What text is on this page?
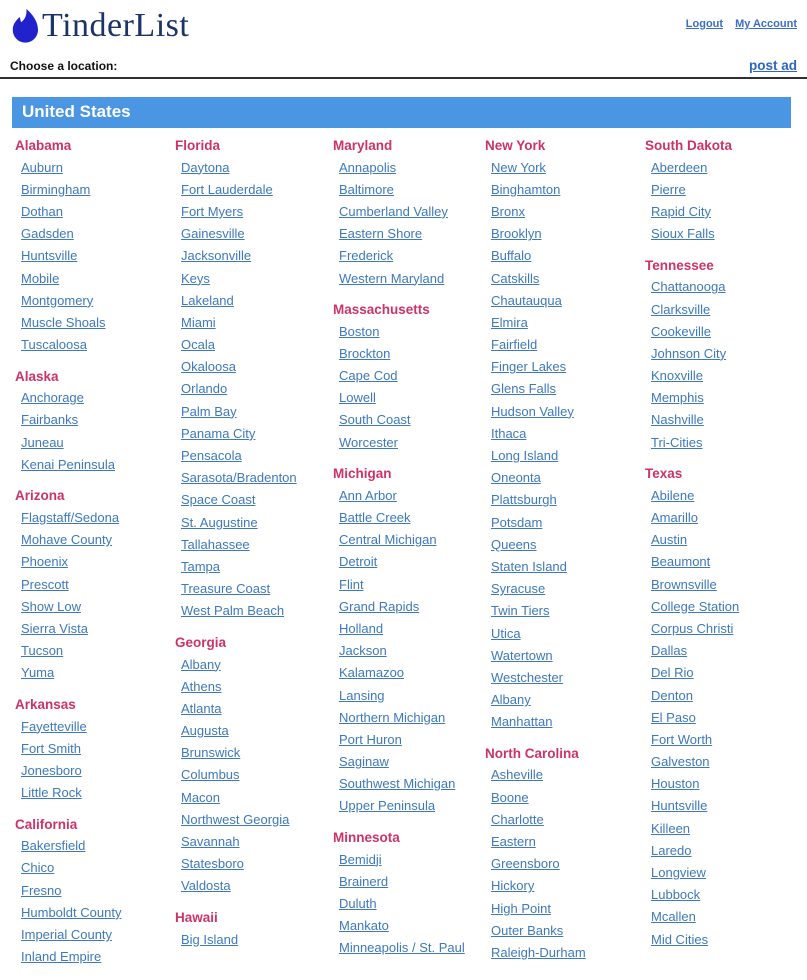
TinderList	Logout My Account
Choose a location:	post ad
United States
Alabama
Auburn
Birmingham
Dothan
Gadsden
Huntsville
Mobile
Montgomery
Muscle Shoals
Tuscaloosa
Alaska
Anchorage
Fairbanks
Juneau
Kenai Peninsula
Arizona
Flagstaff/Sedona
Mohave County
Phoenix
Prescott
Show Low
Sierra Vista
Tucson
Yuma
Arkansas
Fayetteville
Fort Smith
Jonesboro
Little Rock
California
Bakersfield
Chico
Fresno
Humboldt County
Imperial County
Inland Empire
Florida
Daytona
Fort Lauderdale
Fort Myers
Gainesville
Jacksonville
Keys
Lakeland
Miami
Ocala
Okaloosa
Orlando
Palm Bay
Panama City
Pensacola
Sarasota/Bradenton
Space Coast
St. Augustine
Tallahassee
Tampa
Treasure Coast
West Palm Beach
Georgia
Albany
Athens
Atlanta
Augusta
Brunswick
Columbus
Macon
Northwest Georgia
Savannah
Statesboro
Valdosta
Hawaii
Big Island
Maryland
Annapolis
Baltimore
Cumberland Valley
Eastern Shore
Frederick
Western Maryland
Massachusetts
Boston
Brockton
Cape Cod
Lowell
South Coast
Worcester
Michigan
Ann Arbor
Battle Creek
Central Michigan
Detroit
Flint
Grand Rapids
Holland
Jackson
Kalamazoo
Lansing
Northern Michigan
Port Huron
Saginaw
Southwest Michigan
Upper Peninsula
Minnesota
Bemidji
Brainerd
Duluth
Mankato
Minneapolis / St. Paul
New York
New York
Binghamton
Bronx
Brooklyn
Buffalo
Catskills
Chautauqua
Elmira
Fairfield
Finger Lakes
Glens Falls
Hudson Valley
Ithaca
Long Island
Oneonta
Plattsburgh
Potsdam
Queens
Staten Island
Syracuse
Twin Tiers
Utica
Watertown
Westchester
Albany
Manhattan
North Carolina
Asheville
Boone
Charlotte
Eastern
Greensboro
Hickory
High Point
Outer Banks
Raleigh-Durham
South Dakota
Aberdeen
Pierre
Rapid City
Sioux Falls
Tennessee
Chattanooga
Clarksville
Cookeville
Johnson City
Knoxville
Memphis
Nashville
Tri-Cities
Texas
Abilene
Amarillo
Austin
Beaumont
Brownsville
College Station
Corpus Christi
Dallas
Del Rio
Denton
El Paso
Fort Worth
Galveston
Houston
Huntsville
Killeen
Laredo
Longview
Lubbock
Mcallen
Mid Cities
